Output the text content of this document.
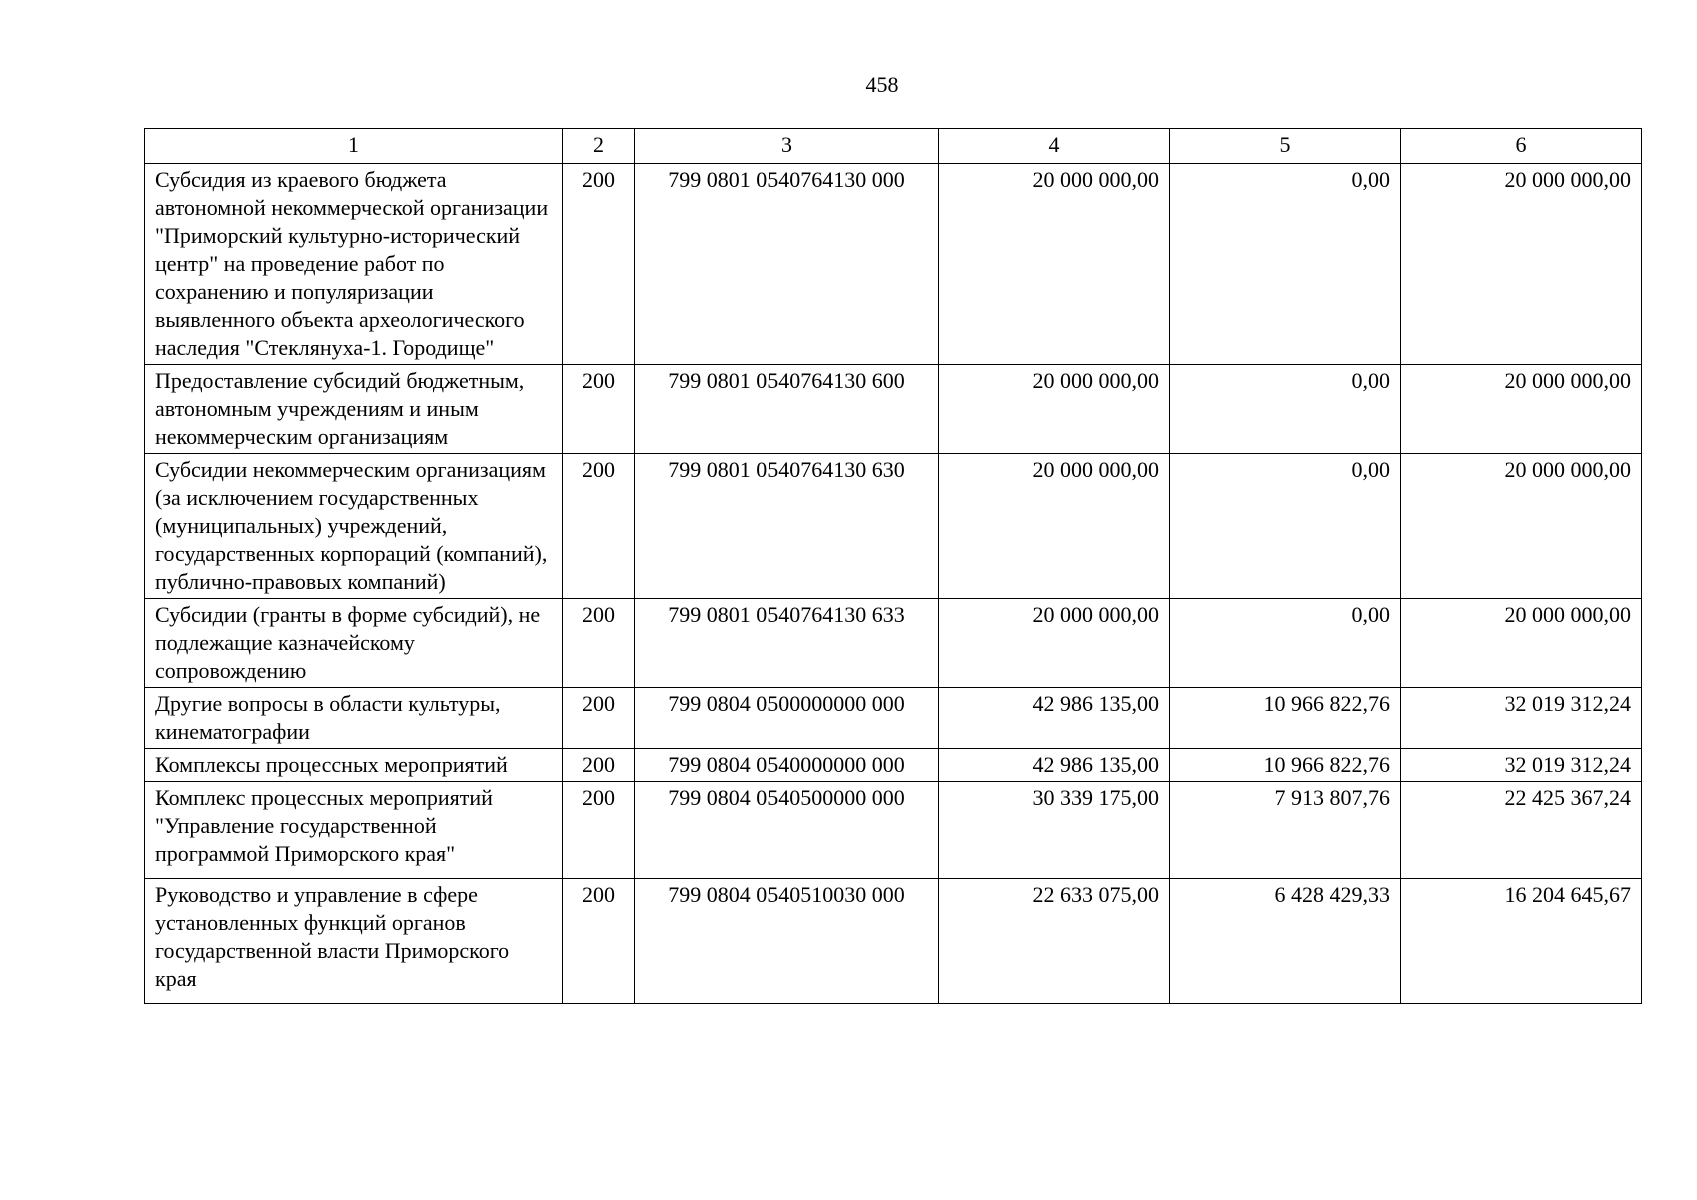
458
1	2	3	4	5	6
Субсидия из краевого бюджета автономной некоммерческой организации "Приморский культурно-исторический центр" на проведение работ по сохранению и популяризации выявленного объекта археологического наследия "Стеклянуха-1. Городище"	200	799 0801 0540764130 000	20 000 000,00	0,00	20 000 000,00
Предоставление субсидий бюджетным, автономным учреждениям и иным некоммерческим организациям	200	799 0801 0540764130 600	20 000 000,00	0,00	20 000 000,00
Субсидии некоммерческим организациям (за исключением государственных (муниципальных) учреждений, государственных корпораций (компаний), публично-правовых компаний)	200	799 0801 0540764130 630	20 000 000,00	0,00	20 000 000,00
Субсидии (гранты в форме субсидий), не подлежащие казначейскому сопровождению	200	799 0801 0540764130 633	20 000 000,00	0,00	20 000 000,00
Другие вопросы в области культуры, кинематографии	200	799 0804 0500000000 000	42 986 135,00	10 966 822,76	32 019 312,24
Комплексы процессных мероприятий	200	799 0804 0540000000 000	42 986 135,00	10 966 822,76	32 019 312,24
Комплекс процессных мероприятий "Управление государственной программой Приморского края"	200	799 0804 0540500000 000	30 339 175,00	7 913 807,76	22 425 367,24
Руководство и управление в сфере установленных функций органов государственной власти Приморского края	200	799 0804 0540510030 000	22 633 075,00	6 428 429,33	16 204 645,67
